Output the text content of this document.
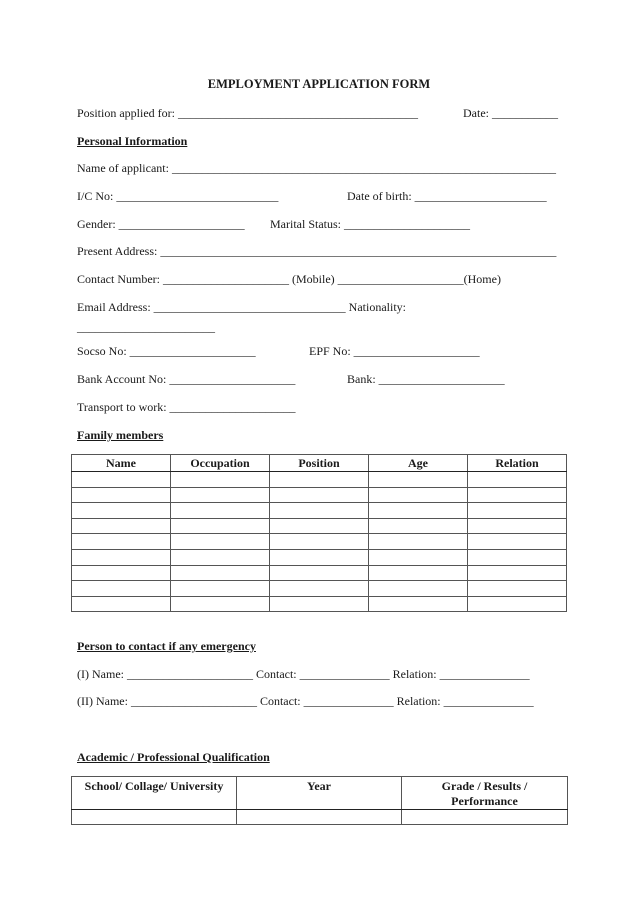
EMPLOYMENT APPLICATION FORM
Position applied for: ________________________________________	Date: ___________
Personal Information
Name of applicant: ________________________________________________________________
I/C No: ___________________________	Date of birth: ______________________
Gender: _____________________ Marital Status: _____________________
Present Address: __________________________________________________________________
Contact Number: _____________________ (Mobile) _____________________(Home)
Email Address: ________________________________ Nationality:
_______________________
Socso No: _____________________	EPF No: _____________________
Bank Account No: _____________________	Bank: _____________________
Transport to work: _____________________
Family members
Name	Occupation	Position	Age	Relation

Person to contact if any emergency
(I) Name: _____________________ Contact: _______________ Relation: _______________
(II) Name: _____________________ Contact: _______________ Relation: _______________
Academic / Professional Qualification
School/ Collage/ University	Year	Grade / Results / Performance
